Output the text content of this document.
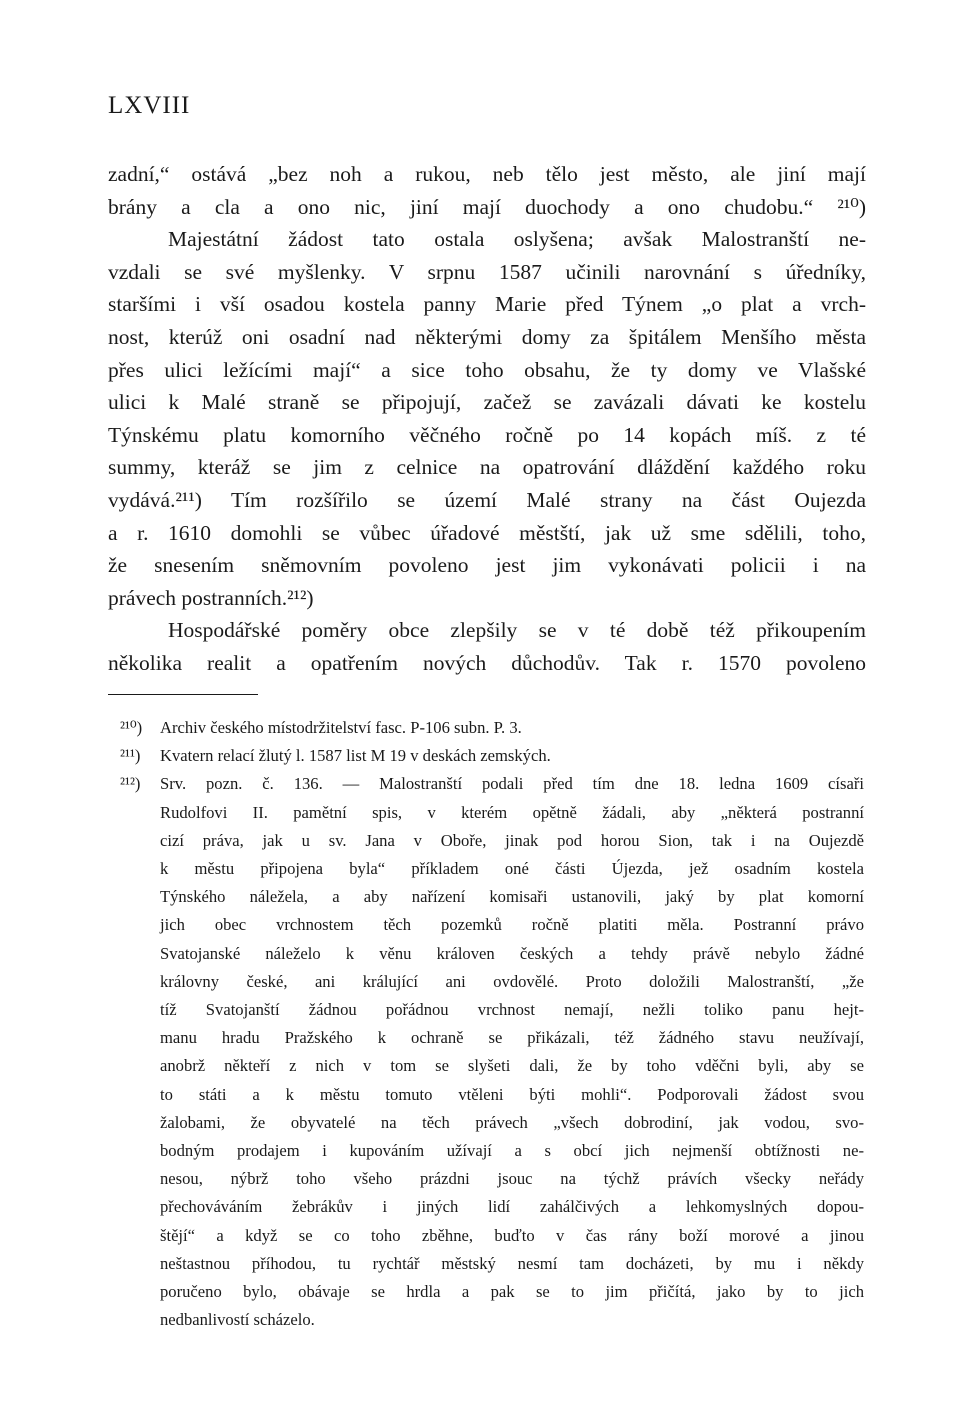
LXVIII
zadní,“ ostává „bez noh a rukou, neb tělo jest město, ale jiní mají
brány a cla a ono nic, jiní mají duochody a ono chudobu.“ ²¹⁰)
Majestátní žádost tato ostala oslyšena; avšak Malostranští ne-
vzdali se své myšlenky. V srpnu 1587 učinili narovnání s úředníky,
staršími i vší osadou kostela panny Marie před Týnem „o plat a vrch-
nost, kterúž oni osadní nad některými domy za špitálem Menšího města
přes ulici ležícími mají“ a sice toho obsahu, že ty domy ve Vlašské
ulici k Malé straně se připojují, začež se zavázali dávati ke kostelu
Týnskému platu komorního věčného ročně po 14 kopách míš. z té
summy, kteráž se jim z celnice na opatrování dláždění každého roku
vydává.²¹¹) Tím rozšířilo se území Malé strany na část Oujezda
a r. 1610 domohli se vůbec úřadové městští, jak už sme sdělili, toho,
že snesením sněmovním povoleno jest jim vykonávati policii i na
právech postranních.²¹²)
Hospodářské poměry obce zlepšily se v té době též přikoupením
několika realit a opatřením nových důchodův. Tak r. 1570 povoleno
²¹⁰) Archiv českého místodržitelství fasc. P-106 subn. P. 3.
²¹¹) Kvatern relací žlutý l. 1587 list M 19 v deskách zemských.
²¹²) Srv. pozn. č. 136. — Malostranští podali před tím dne 18. ledna 1609 císaři
Rudolfovi II. pamětní spis, v kterém opětně žádali, aby „některá postranní
cizí práva, jak u sv. Jana v Oboře, jinak pod horou Sion, tak i na Oujezdě
k městu připojena byla“ příkladem oné části Újezda, jež osadním kostela
Týnského náležela, a aby nařízení komisaři ustanovili, jaký by plat komorní
jich obec vrchnostem těch pozemků ročně platiti měla. Postranní právo
Svatojanské náleželo k věnu královen českých a tehdy právě nebylo žádné
královny české, ani králující ani ovdovělé. Proto doložili Malostranští, „že
tíž Svatojanští žádnou pořádnou vrchnost nemají, nežli toliko panu hejt-
manu hradu Pražského k ochraně se přikázali, též žádného stavu neužívají,
anobrž někteří z nich v tom se slyšeti dali, že by toho vděčni byli, aby se
to státi a k městu tomuto vtěleni býti mohli“. Podporovali žádost svou
žalobami, že obyvatelé na těch právech „všech dobrodiní, jak vodou, svo-
bodným prodajem i kupováním užívají a s obcí jich nejmenší obtížnosti ne-
nesou, nýbrž toho všeho prázdni jsouc na týchž právích všecky neřády
přechováváním žebrákův i jiných lidí zahálčivých a lehkomyslných dopou-
štějí“ a když se co toho zběhne, buďto v čas rány boží morové a jinou
neštastnou příhodou, tu rychtář městský nesmí tam docházeti, by mu i někdy
poručeno bylo, obávaje se hrdla a pak se to jim přičítá, jako by to jich
nedbanlivostí scházelo.
